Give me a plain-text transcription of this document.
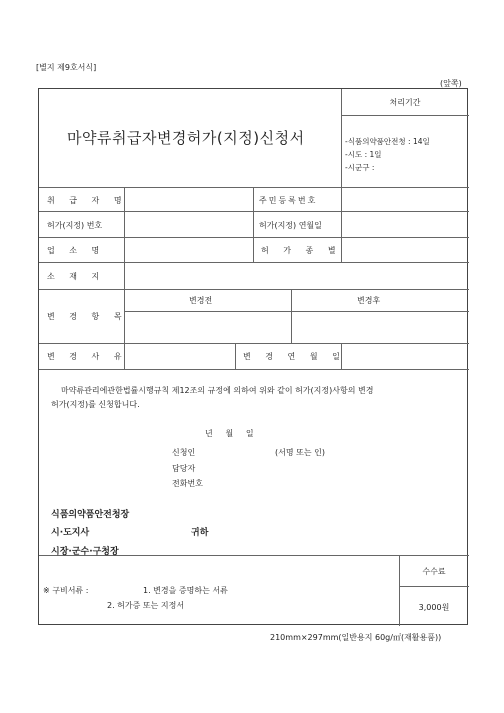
[별지 제9호서식]
(앞쪽)
마약류취급자변경허가(지정)신청서
처리기간
-식품의약품안전청 : 14일
-시도 : 1일
-시군구 :
취 급 자 명	주민등록번호
허가(지정) 번호	허가(지정) 연월일
업 소 명	허 가 종 별
소 재 지
변 경 항 목
변경전	변경후
변 경 사 유	변 경 연 월 일
마약류관리에관한법률시행규칙 제12조의 규정에 의하여 위와 같이 허가(지정)사항의 변경
허가(지정)를 신청합니다.
년     월     일
신청인	(서명 또는 인)
담당자
전화번호
식품의약품안전청장
시·도지사
시장·군수·구청장
귀하
※ 구비서류 :	1. 변경을 증명하는 서류
2. 허가증 또는 지정서
수수료
3,000원
210mm×297mm(일반용지 60g/㎡(재활용품))
